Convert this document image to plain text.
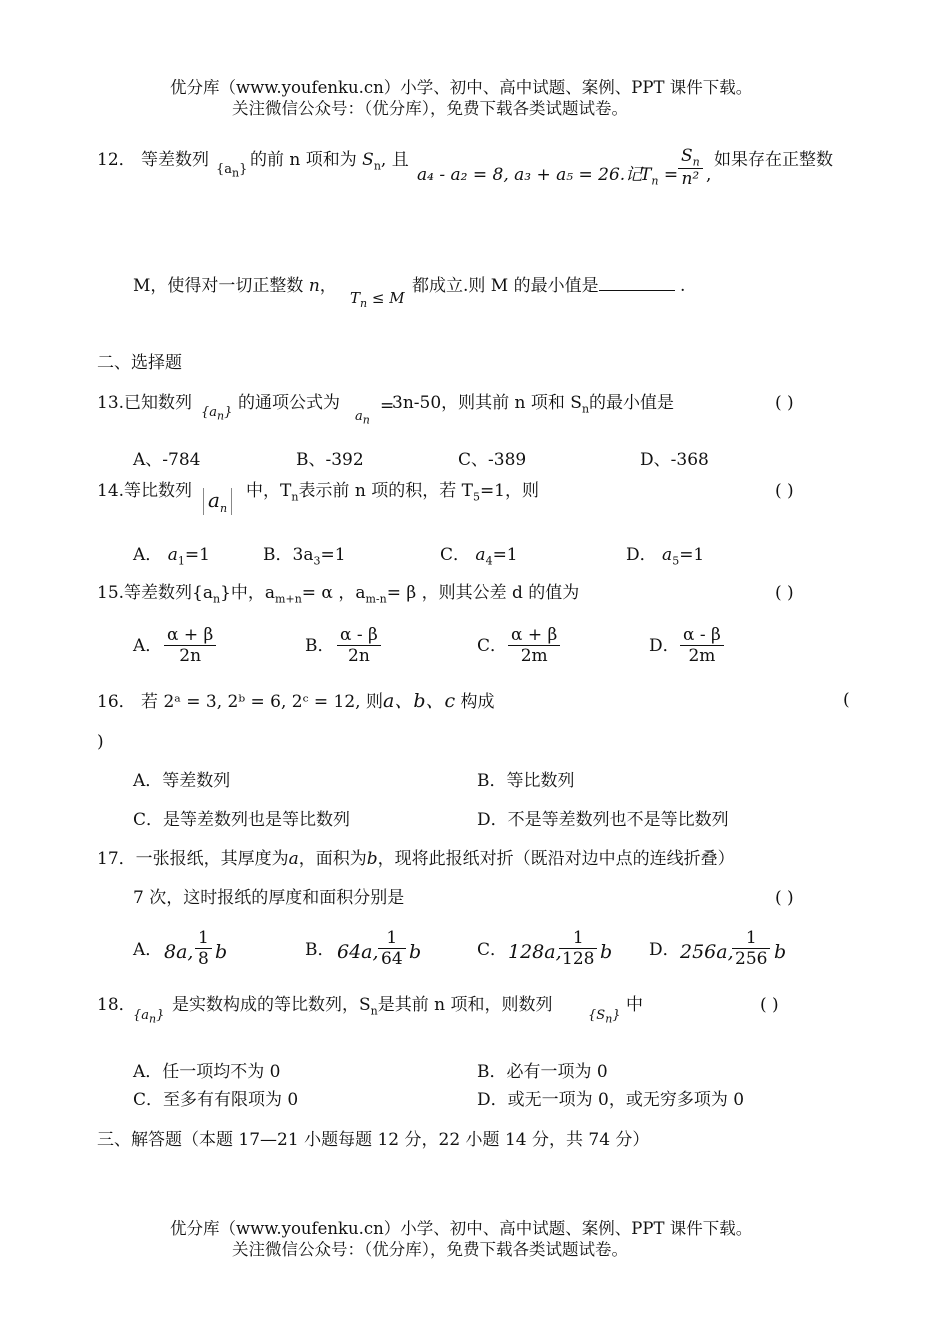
优分库（www.youfenku.cn）小学、初中、高中试题、案例、PPT 课件下载。
关注微信公众号：（优分库），免费下载各类试题试卷。
12． 等差数列 $\{a_n\}$ 的前 n 项和为 $S_n$, 且
a₄ - a₂ = 8, a₃ + a₅ = 26.记
$T_n = \frac{S_n}{\text{n²}}$ ,
如果存在正整数
M，使得对一切正整数 n，
$T_n \le M$
都成立.则 M 的最小值是	.
二、选择题
13.已知数列 $\{a_n\}$ 的通项公式为
$a_n$ =
3n-50，则其前 n 项和 $S_n$的最小值是	( )
A、-784	B、-392	C、-389	D、-368
14.等比数列 $a_n$
中，$T_n$表示前 n 项的积，若 $T_5=1$，则	( )
A． $a_1=1$	B．$3a_3=1$	C． $a_4=1$	D． $a_5=1$
15.等差数列$\{a_n\}$中，$a_{m+n}= \alpha$ ，$a_{m-n}= \beta$ ，则其公差 d 的值为	( )
A． $\frac{\alpha + \beta}{2n}$	B． $\frac{\alpha - \beta}{2n}$	C． $\frac{\alpha + \beta}{2m}$	D． $\frac{\alpha - \beta}{2m}$
16． 若 2ᵃ = 3, 2ᵇ = 6, 2ᶜ = 12, 则a、b、c 构成	(
)
A．等差数列	B．等比数列
C．是等差数列也是等比数列	D．不是等差数列也不是等比数列
17．一张报纸，其厚度为a，面积为b，现将此报纸对折（既沿对边中点的连线折叠）
7 次，这时报纸的厚度和面积分别是	( )
A． 8a, $\frac{1}{8}$ b	B． 64a, $\frac{1}{64}$ b	C． 128a,
$\frac{1}{128}$ b D． 256a,
$\frac{1}{256}$ b
18．
$\{a_n\}$
是实数构成的等比数列，$S_n$是其前 n 项和，则数列
$\{S_n\}$
中	( )
A．任一项均不为 0	B．必有一项为 0
C．至多有有限项为 0	D．或无一项为 0，或无穷多项为 0
三、解答题（本题 17—21 小题每题 12 分，22 小题 14 分，共 74 分）
优分库（www.youfenku.cn）小学、初中、高中试题、案例、PPT 课件下载。
关注微信公众号：（优分库），免费下载各类试题试卷。
